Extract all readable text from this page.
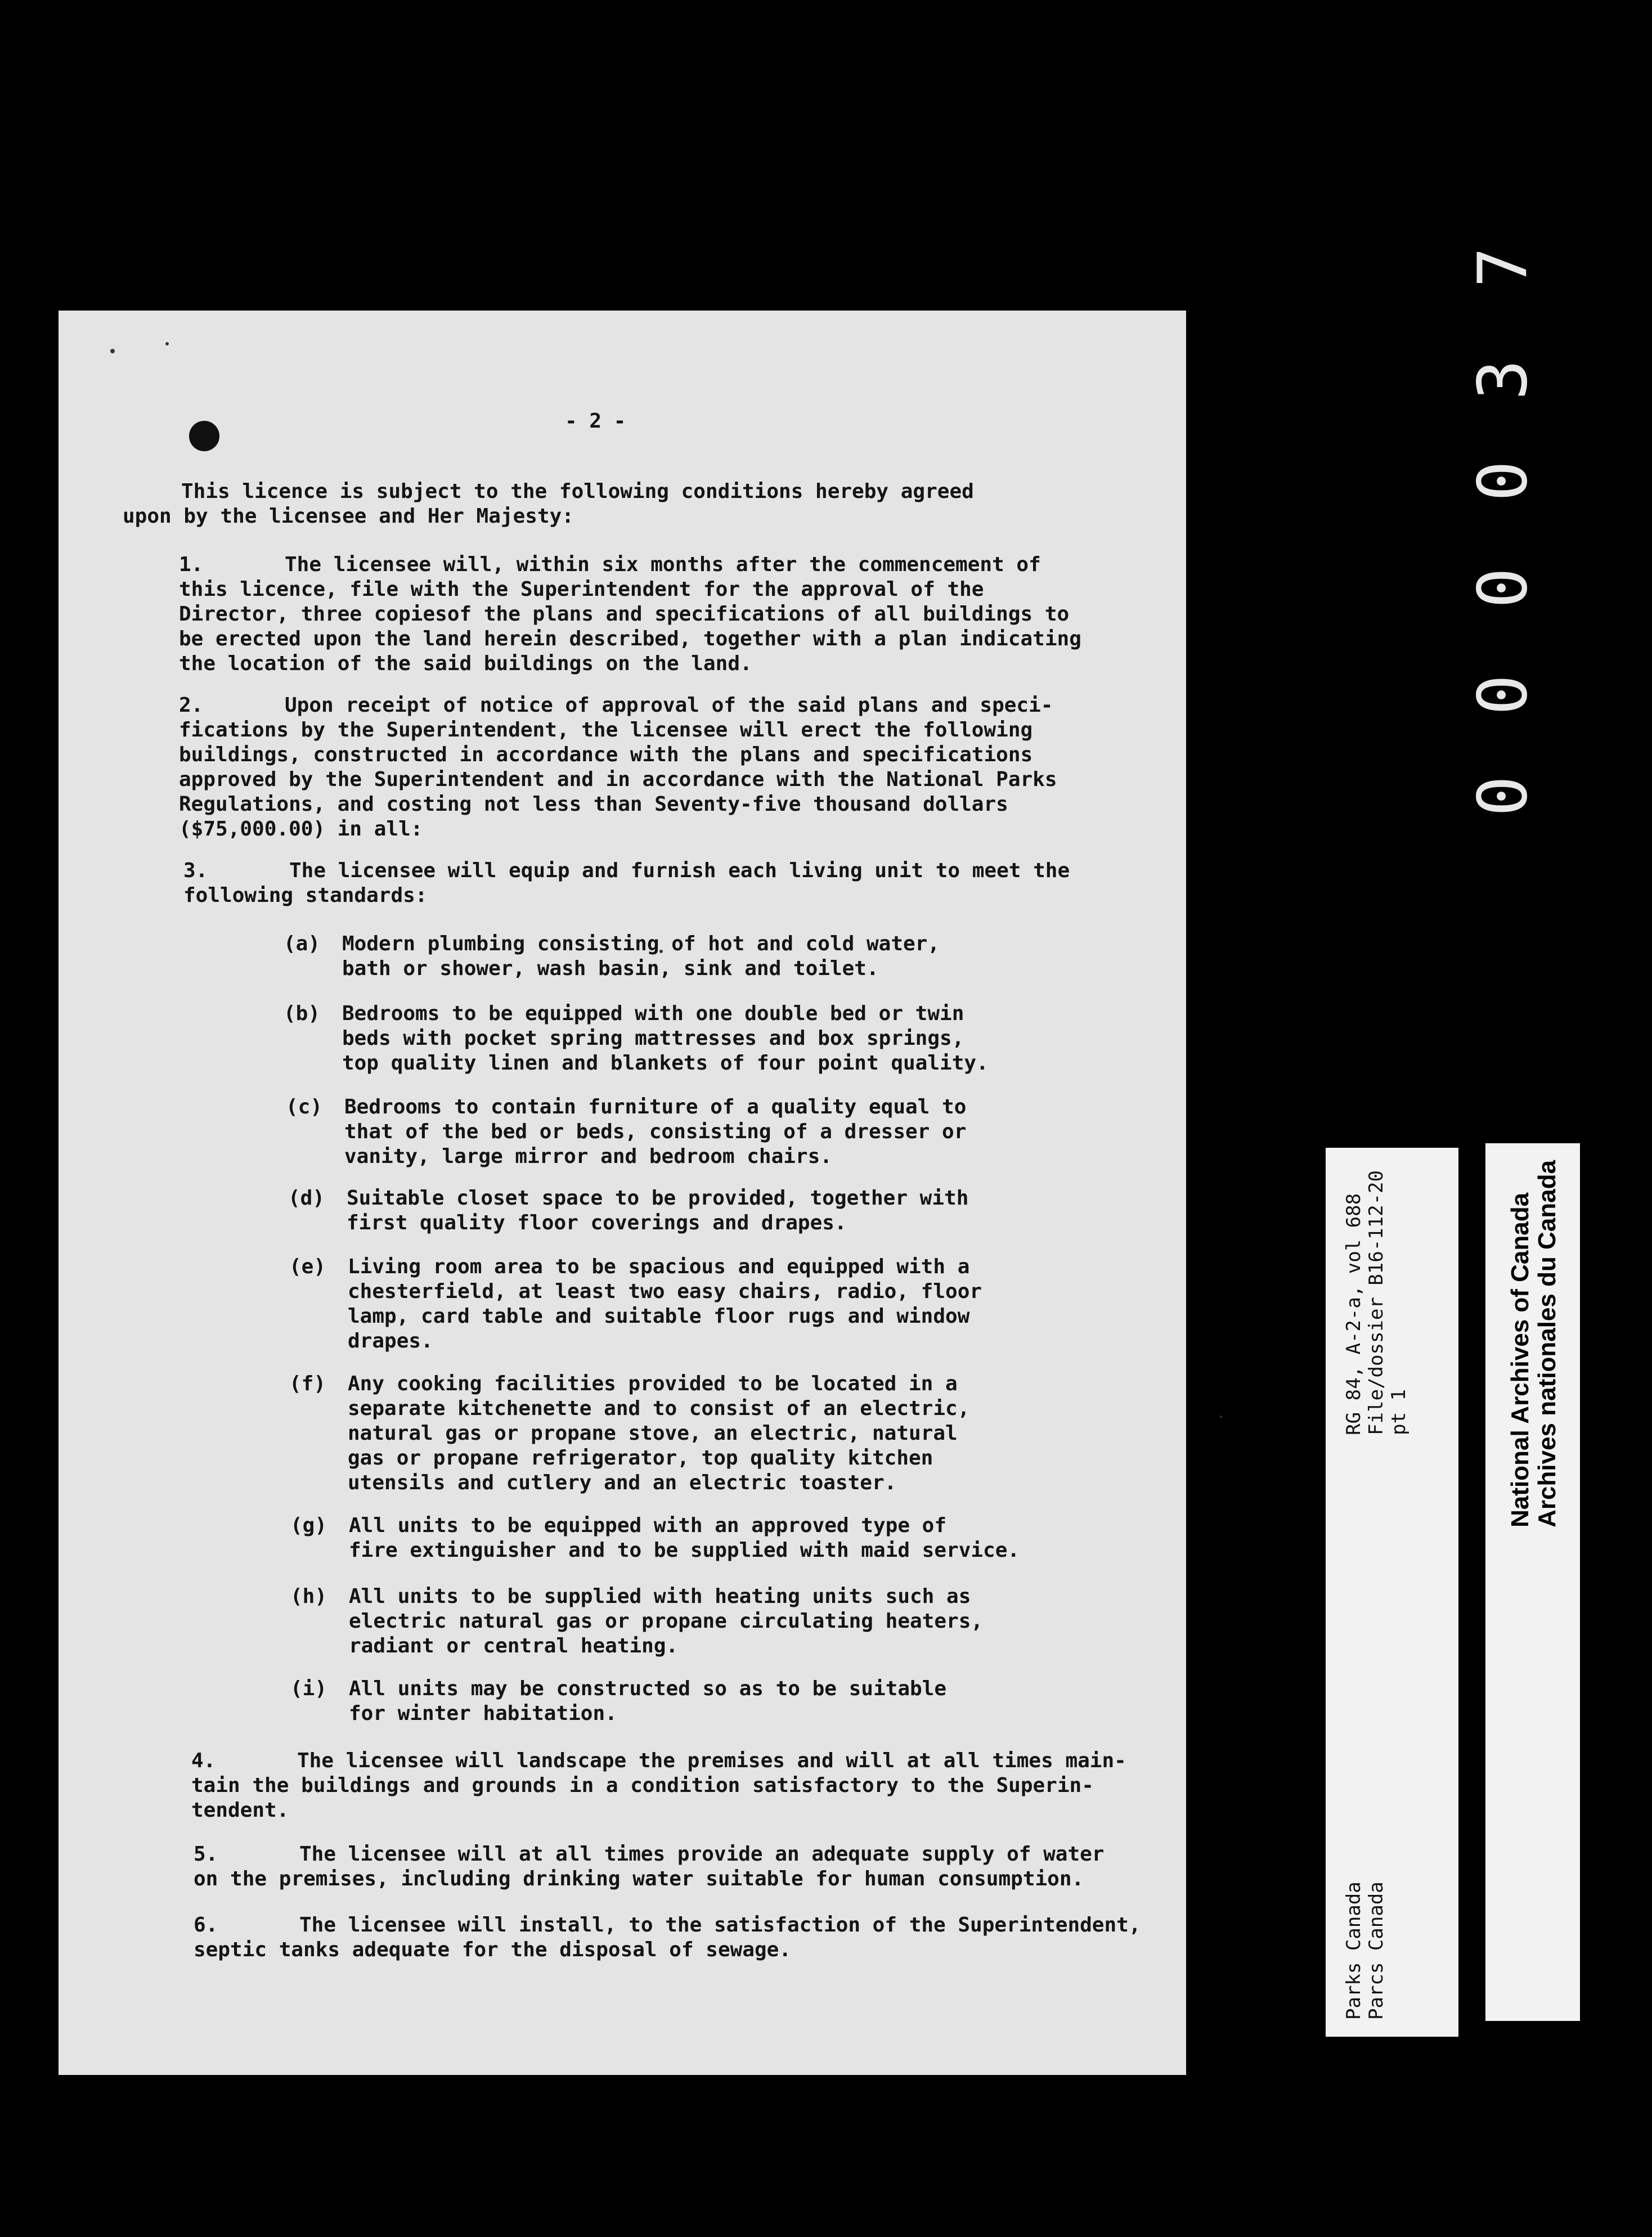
- 2 -
This licence is subject to the following conditions hereby agreed
upon by the licensee and Her Majesty:
1.	The licensee will, within six months after the commencement of
this licence, file with the Superintendent for the approval of the
Director, three copiesof the plans and specifications of all buildings to
be erected upon the land herein described, together with a plan indicating
the location of the said buildings on the land.
2.	Upon receipt of notice of approval of the said plans and speci-
fications by the Superintendent, the licensee will erect the following
buildings, constructed in accordance with the plans and specifications
approved by the Superintendent and in accordance with the National Parks
Regulations, and costing not less than Seventy-five thousand dollars
($75,000.00) in all:
3.	The licensee will equip and furnish each living unit to meet the
following standards:
(a) Modern plumbing consisting of hot and cold water,
bath or shower, wash basin, sink and toilet.
(b) Bedrooms to be equipped with one double bed or twin
beds with pocket spring mattresses and box springs,
top quality linen and blankets of four point quality.
(c) Bedrooms to contain furniture of a quality equal to
that of the bed or beds, consisting of a dresser or
vanity, large mirror and bedroom chairs.
(d) Suitable closet space to be provided, together with
first quality floor coverings and drapes.
(e) Living room area to be spacious and equipped with a
chesterfield, at least two easy chairs, radio, floor
lamp, card table and suitable floor rugs and window
drapes.
(f) Any cooking facilities provided to be located in a
separate kitchenette and to consist of an electric,
natural gas or propane stove, an electric, natural
gas or propane refrigerator, top quality kitchen
utensils and cutlery and an electric toaster.
(g) All units to be equipped with an approved type of
fire extinguisher and to be supplied with maid service.
(h) All units to be supplied with heating units such as
electric natural gas or propane circulating heaters,
radiant or central heating.
(i) All units may be constructed so as to be suitable
for winter habitation.
4.	The licensee will landscape the premises and will at all times main-
tain the buildings and grounds in a condition satisfactory to the Superin-
tendent.
5.	The licensee will at all times provide an adequate supply of water
on the premises, including drinking water suitable for human consumption.
6.	The licensee will install, to the satisfaction of the Superintendent,
septic tanks adequate for the disposal of sewage.
7
3
0
0
0
0
Parks Canada
Parcs Canada
RG 84, A-2-a, vol 688
File/dossier B16-112-20
pt 1	National Archives of Canada
Archives nationales du Canada
